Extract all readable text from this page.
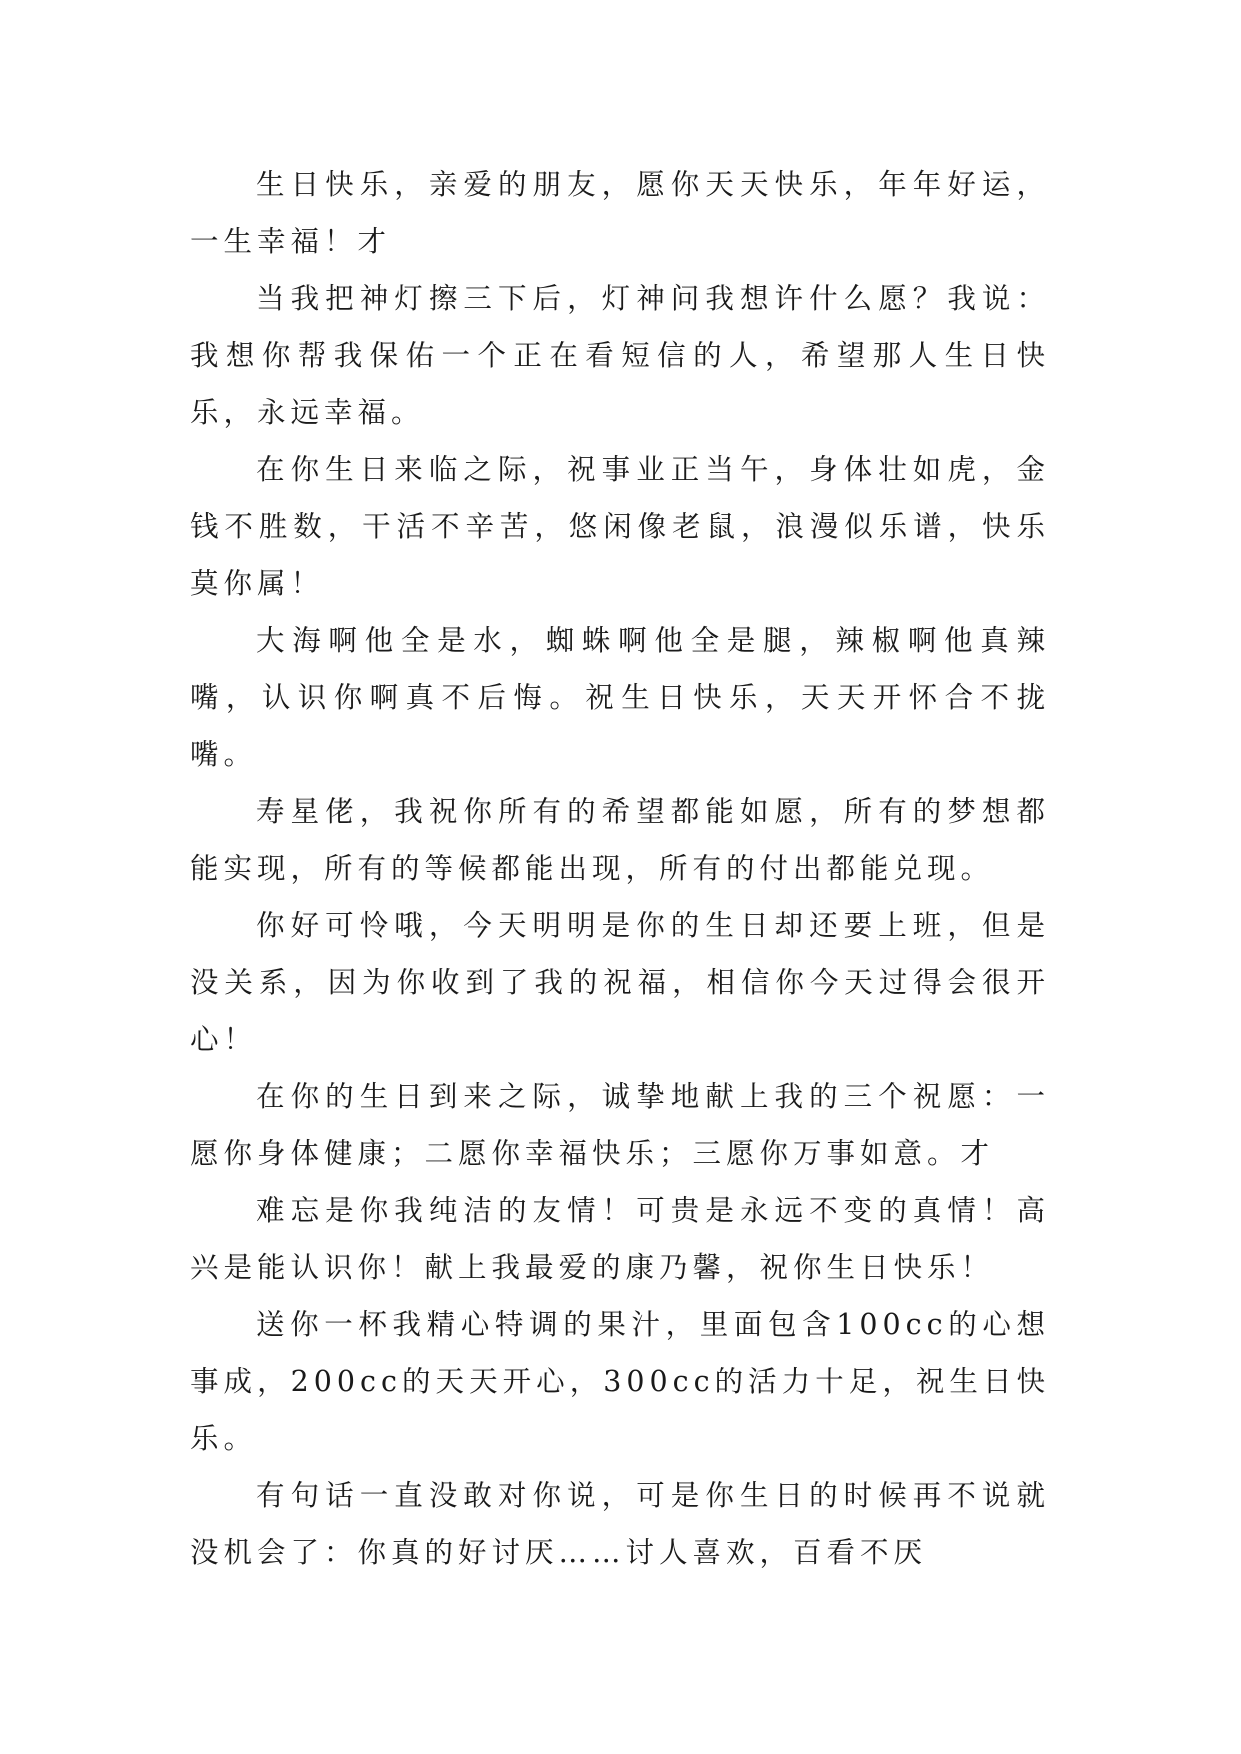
生日快乐，亲爱的朋友，愿你天天快乐，年年好运，一生幸福！才

当我把神灯擦三下后，灯神问我想许什么愿？我说：我想你帮我保佑一个正在看短信的人，希望那人生日快乐，永远幸福。

在你生日来临之际，祝事业正当午，身体壮如虎，金钱不胜数，干活不辛苦，悠闲像老鼠，浪漫似乐谱，快乐莫你属！

大海啊他全是水，蜘蛛啊他全是腿，辣椒啊他真辣嘴，认识你啊真不后悔。祝生日快乐，天天开怀合不拢嘴。

寿星佬，我祝你所有的希望都能如愿，所有的梦想都能实现，所有的等候都能出现，所有的付出都能兑现。

你好可怜哦，今天明明是你的生日却还要上班，但是没关系，因为你收到了我的祝福，相信你今天过得会很开心！

在你的生日到来之际，诚挚地献上我的三个祝愿：一愿你身体健康；二愿你幸福快乐；三愿你万事如意。才

难忘是你我纯洁的友情！可贵是永远不变的真情！高兴是能认识你！献上我最爱的康乃馨，祝你生日快乐！

送你一杯我精心特调的果汁，里面包含100cc的心想事成，200cc的天天开心，300cc的活力十足，祝生日快乐。

有句话一直没敢对你说，可是你生日的时候再不说就没机会了：你真的好讨厌……讨人喜欢，百看不厌
